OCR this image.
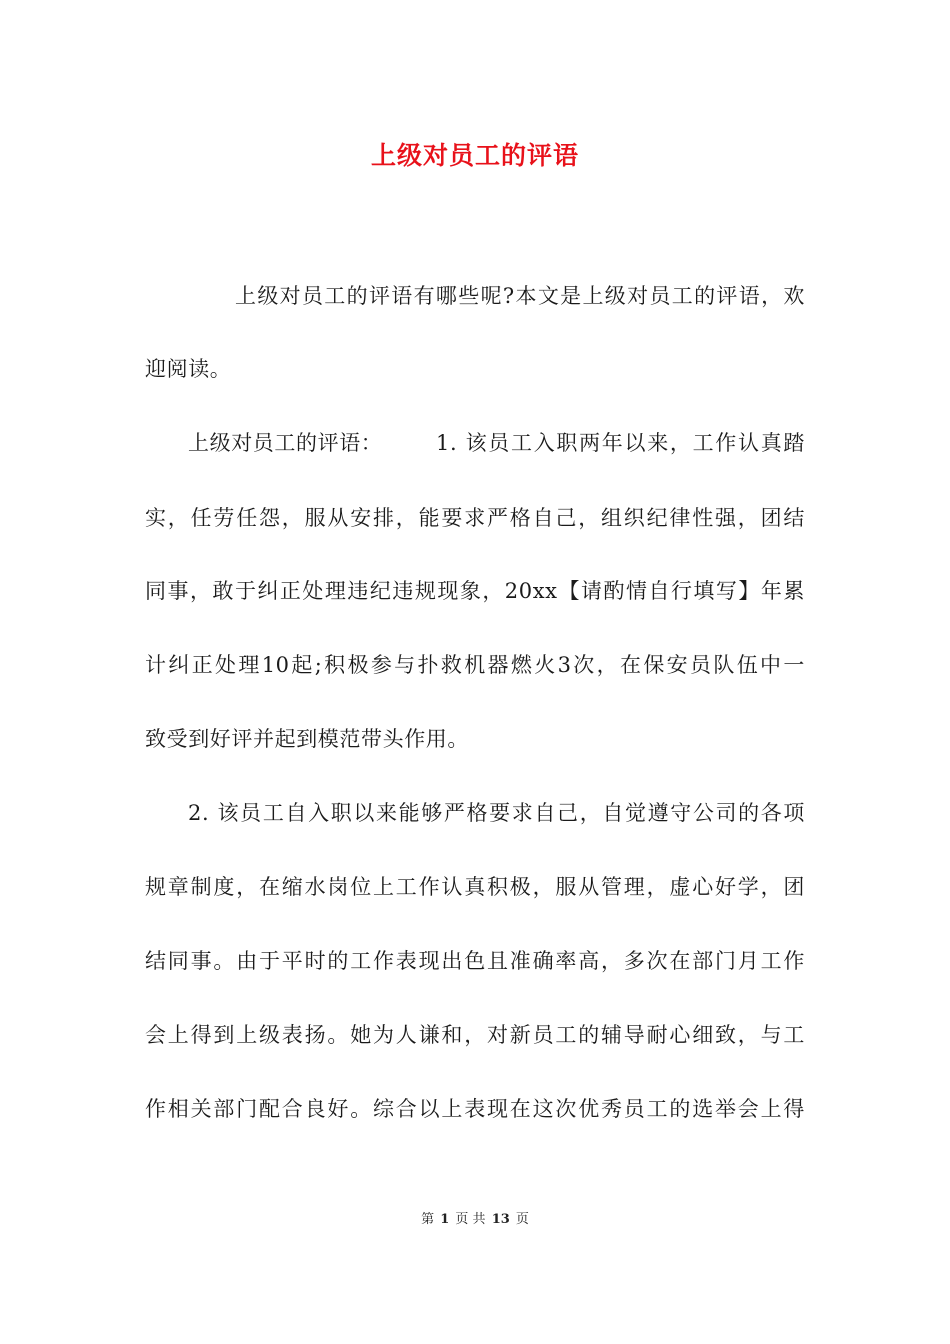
上级对员工的评语
上级对员工的评语有哪些呢?本文是上级对员工的评语，欢
迎阅读。
上级对员工的评语：	1. 该员工入职两年以来，工作认真踏
实，任劳任怨，服从安排，能要求严格自己，组织纪律性强，团结
同事，敢于纠正处理违纪违规现象，20xx【请酌情自行填写】年累
计纠正处理10起;积极参与扑救机器燃火3次，在保安员队伍中一
致受到好评并起到模范带头作用。
2. 该员工自入职以来能够严格要求自己，自觉遵守公司的各项
规章制度，在缩水岗位上工作认真积极，服从管理，虚心好学，团
结同事。由于平时的工作表现出色且准确率高，多次在部门月工作
会上得到上级表扬。她为人谦和，对新员工的辅导耐心细致，与工
作相关部门配合良好。综合以上表现在这次优秀员工的选举会上得
第 1 页 共 13 页
